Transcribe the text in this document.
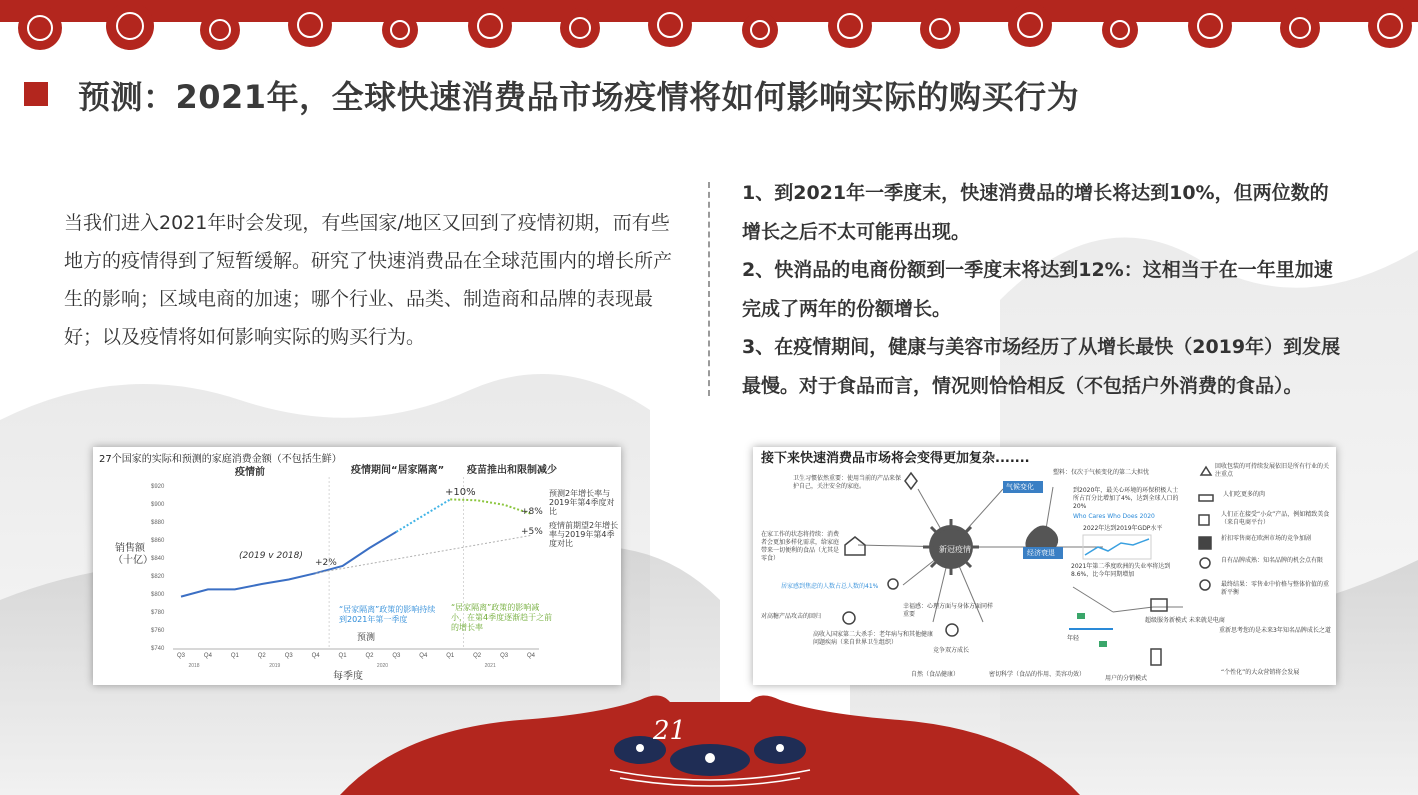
预测：2021年，全球快速消费品市场疫情将如何影响实际的购买行为
当我们进入2021年时会发现，有些国家/地区又回到了疫情初期，而有些地方的疫情得到了短暂缓解。研究了快速消费品在全球范围内的增长所产生的影响；区域电商的加速；哪个行业、品类、制造商和品牌的表现最好；以及疫情将如何影响实际的购买行为。

1、到2021年一季度末，快速消费品的增长将达到10%，但两位数的增长之后不太可能再出现。

2、快消品的电商份额到一季度末将达到12%：这相当于在一年里加速完成了两年的份额增长。

3、在疫情期间，健康与美容市场经历了从增长最快（2019年）到发展最慢。对于食品而言，情况则恰恰相反（不包括户外消费的食品）。

$920
$900
$880
$860
$840
$820
$800
$780
$760
$740
Q3	Q4	Q1	Q2	Q3	Q4	Q1	Q2	Q3	Q4	Q1	Q2	Q3	Q4
2018	2019	2020	2021
27个国家的实际和预测的家庭消费金额（不包括生鲜）
疫情前	疫情期间“居家隔离” 疫苗推出和限制减少
销售额
（十亿）	(2019 v 2018)
+2%
+10%
+8%
+5%
预测2年增长率与2019年第4季度对比
疫情前期望2年增长率与2019年第4季度对比
“居家隔离”政策的影响持续到2021年第一季度
“居家隔离”政策的影响减小，在第4季度逐渐趋于之前的增长率
预测
每季度
接下来快速消费品市场将会变得更加复杂.......
新冠疫情	经济衰退
气候变化
卫生习惯依然重要：使用当前的产品来保护自己，关注安全的家庭。
在家工作的状态将持续：消费者会更加多样化需求，给家庭带来一切便利的食品（尤其是零食）
居家感到焦虑的人数占总人数的41%
幸福感：心理方面与身体方面同样重要
对高糖产品攻击的回归
高收入国家第二大杀手：老年病与和其他健康问题疾病（来自世界卫生组织）
竞争双方成长
自然（食品健康）	密切科学（食品的作用、美容功效）
塑料：仅次于气候变化的第二大担忧
到2020年，最关心环境的环保积极人士所占百分比增加了4%，达到全球人口的20%
Who Cares Who Does 2020
2022年达到2019年GDP水平
2021年第二季度欧洲的失业率将达到8.6%，比今年同期增加
回收包装的可持续发展依旧是所有行业的关注重点
人们吃更多的肉
人们正在接受“小众”产品，例如精致美食（来自电商平台）
折扣零售商在欧洲市场的竞争加剧
自有品牌成熟：知名品牌的机会点有限
最终结果：零售业中价格与整体价值的重新平衡
超级服务新模式 未来就是电商
重新思考您的是未来3年知名品牌成长之道
用户的分销模式
“个性化”的大众营销将会发展
年轻
21
